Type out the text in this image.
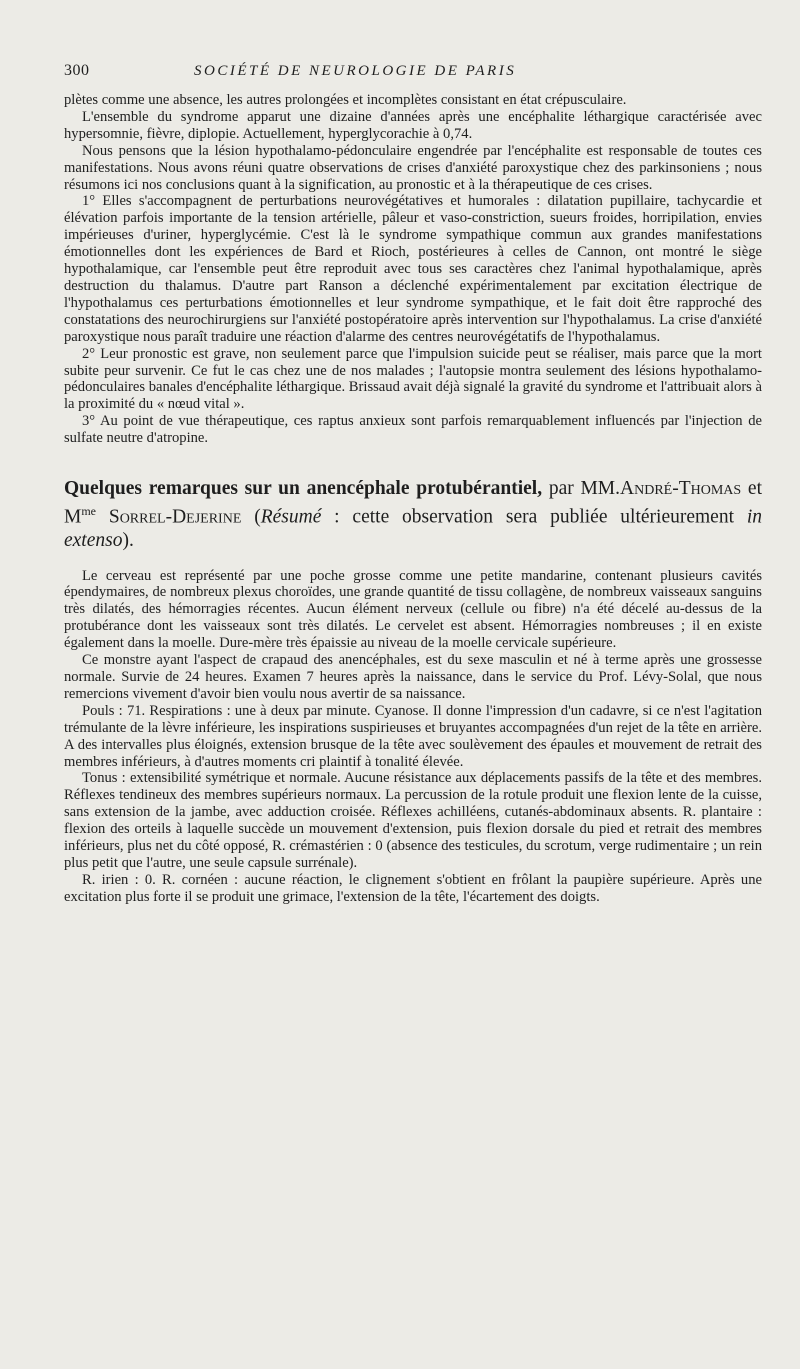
300	SOCIÉTÉ DE NEUROLOGIE DE PARIS

plètes comme une absence, les autres prolongées et incomplètes consistant en état crépusculaire.

L'ensemble du syndrome apparut une dizaine d'années après une encéphalite léthargique caractérisée avec hypersomnie, fièvre, diplopie. Actuellement, hyperglycorachie à 0,74.

Nous pensons que la lésion hypothalamo-pédonculaire engendrée par l'encéphalite est responsable de toutes ces manifestations. Nous avons réuni quatre observations de crises d'anxiété paroxystique chez des parkinsoniens ; nous résumons ici nos conclusions quant à la signification, au pronostic et à la thérapeutique de ces crises.

1° Elles s'accompagnent de perturbations neurovégétatives et humorales : dilatation pupillaire, tachycardie et élévation parfois importante de la tension artérielle, pâleur et vaso-constriction, sueurs froides, horripilation, envies impérieuses d'uriner, hyperglycémie. C'est là le syndrome sympathique commun aux grandes manifestations émotionnelles dont les expériences de Bard et Rioch, postérieures à celles de Cannon, ont montré le siège hypothalamique, car l'ensemble peut être reproduit avec tous ses caractères chez l'animal hypothalamique, après destruction du thalamus. D'autre part Ranson a déclenché expérimentalement par excitation électrique de l'hypothalamus ces perturbations émotionnelles et leur syndrome sympathique, et le fait doit être rapproché des constatations des neurochirurgiens sur l'anxiété postopératoire après intervention sur l'hypothalamus. La crise d'anxiété paroxystique nous paraît traduire une réaction d'alarme des centres neurovégétatifs de l'hypothalamus.

2° Leur pronostic est grave, non seulement parce que l'impulsion suicide peut se réaliser, mais parce que la mort subite peur survenir. Ce fut le cas chez une de nos malades ; l'autopsie montra seulement des lésions hypothalamo-pédonculaires banales d'encéphalite léthargique. Brissaud avait déjà signalé la gravité du syndrome et l'attribuait alors à la proximité du « nœud vital ».

3° Au point de vue thérapeutique, ces raptus anxieux sont parfois remarquablement influencés par l'injection de sulfate neutre d'atropine.

Quelques remarques sur un anencéphale protubérantiel, par MM.André-Thomas et $M^{me}$ Sorrel-Dejerine (Résumé : cette observation sera publiée ultérieurement in extenso).

Le cerveau est représenté par une poche grosse comme une petite mandarine, contenant plusieurs cavités épendymaires, de nombreux plexus choroïdes, une grande quantité de tissu collagène, de nombreux vaisseaux sanguins très dilatés, des hémorragies récentes. Aucun élément nerveux (cellule ou fibre) n'a été décelé au-dessus de la protubérance dont les vaisseaux sont très dilatés. Le cervelet est absent. Hémorragies nombreuses ; il en existe également dans la moelle. Dure-mère très épaissie au niveau de la moelle cervicale supérieure.

Ce monstre ayant l'aspect de crapaud des anencéphales, est du sexe masculin et né à terme après une grossesse normale. Survie de 24 heures. Examen 7 heures après la naissance, dans le service du Prof. Lévy-Solal, que nous remercions vivement d'avoir bien voulu nous avertir de sa naissance.

Pouls : 71. Respirations : une à deux par minute. Cyanose. Il donne l'impression d'un cadavre, si ce n'est l'agitation trémulante de la lèvre inférieure, les inspirations suspirieuses et bruyantes accompagnées d'un rejet de la tête en arrière. A des intervalles plus éloignés, extension brusque de la tête avec soulèvement des épaules et mouvement de retrait des membres inférieurs, à d'autres moments cri plaintif à tonalité élevée.

Tonus : extensibilité symétrique et normale. Aucune résistance aux déplacements passifs de la tête et des membres. Réflexes tendineux des membres supérieurs normaux. La percussion de la rotule produit une flexion lente de la cuisse, sans extension de la jambe, avec adduction croisée. Réflexes achilléens, cutanés-abdominaux absents. R. plantaire : flexion des orteils à laquelle succède un mouvement d'extension, puis flexion dorsale du pied et retrait des membres inférieurs, plus net du côté opposé, R. crémastérien : 0 (absence des testicules, du scrotum, verge rudimentaire ; un rein plus petit que l'autre, une seule capsule surrénale).

R. irien : 0. R. cornéen : aucune réaction, le clignement s'obtient en frôlant la paupière supérieure. Après une excitation plus forte il se produit une grimace, l'extension de la tête, l'écartement des doigts.
